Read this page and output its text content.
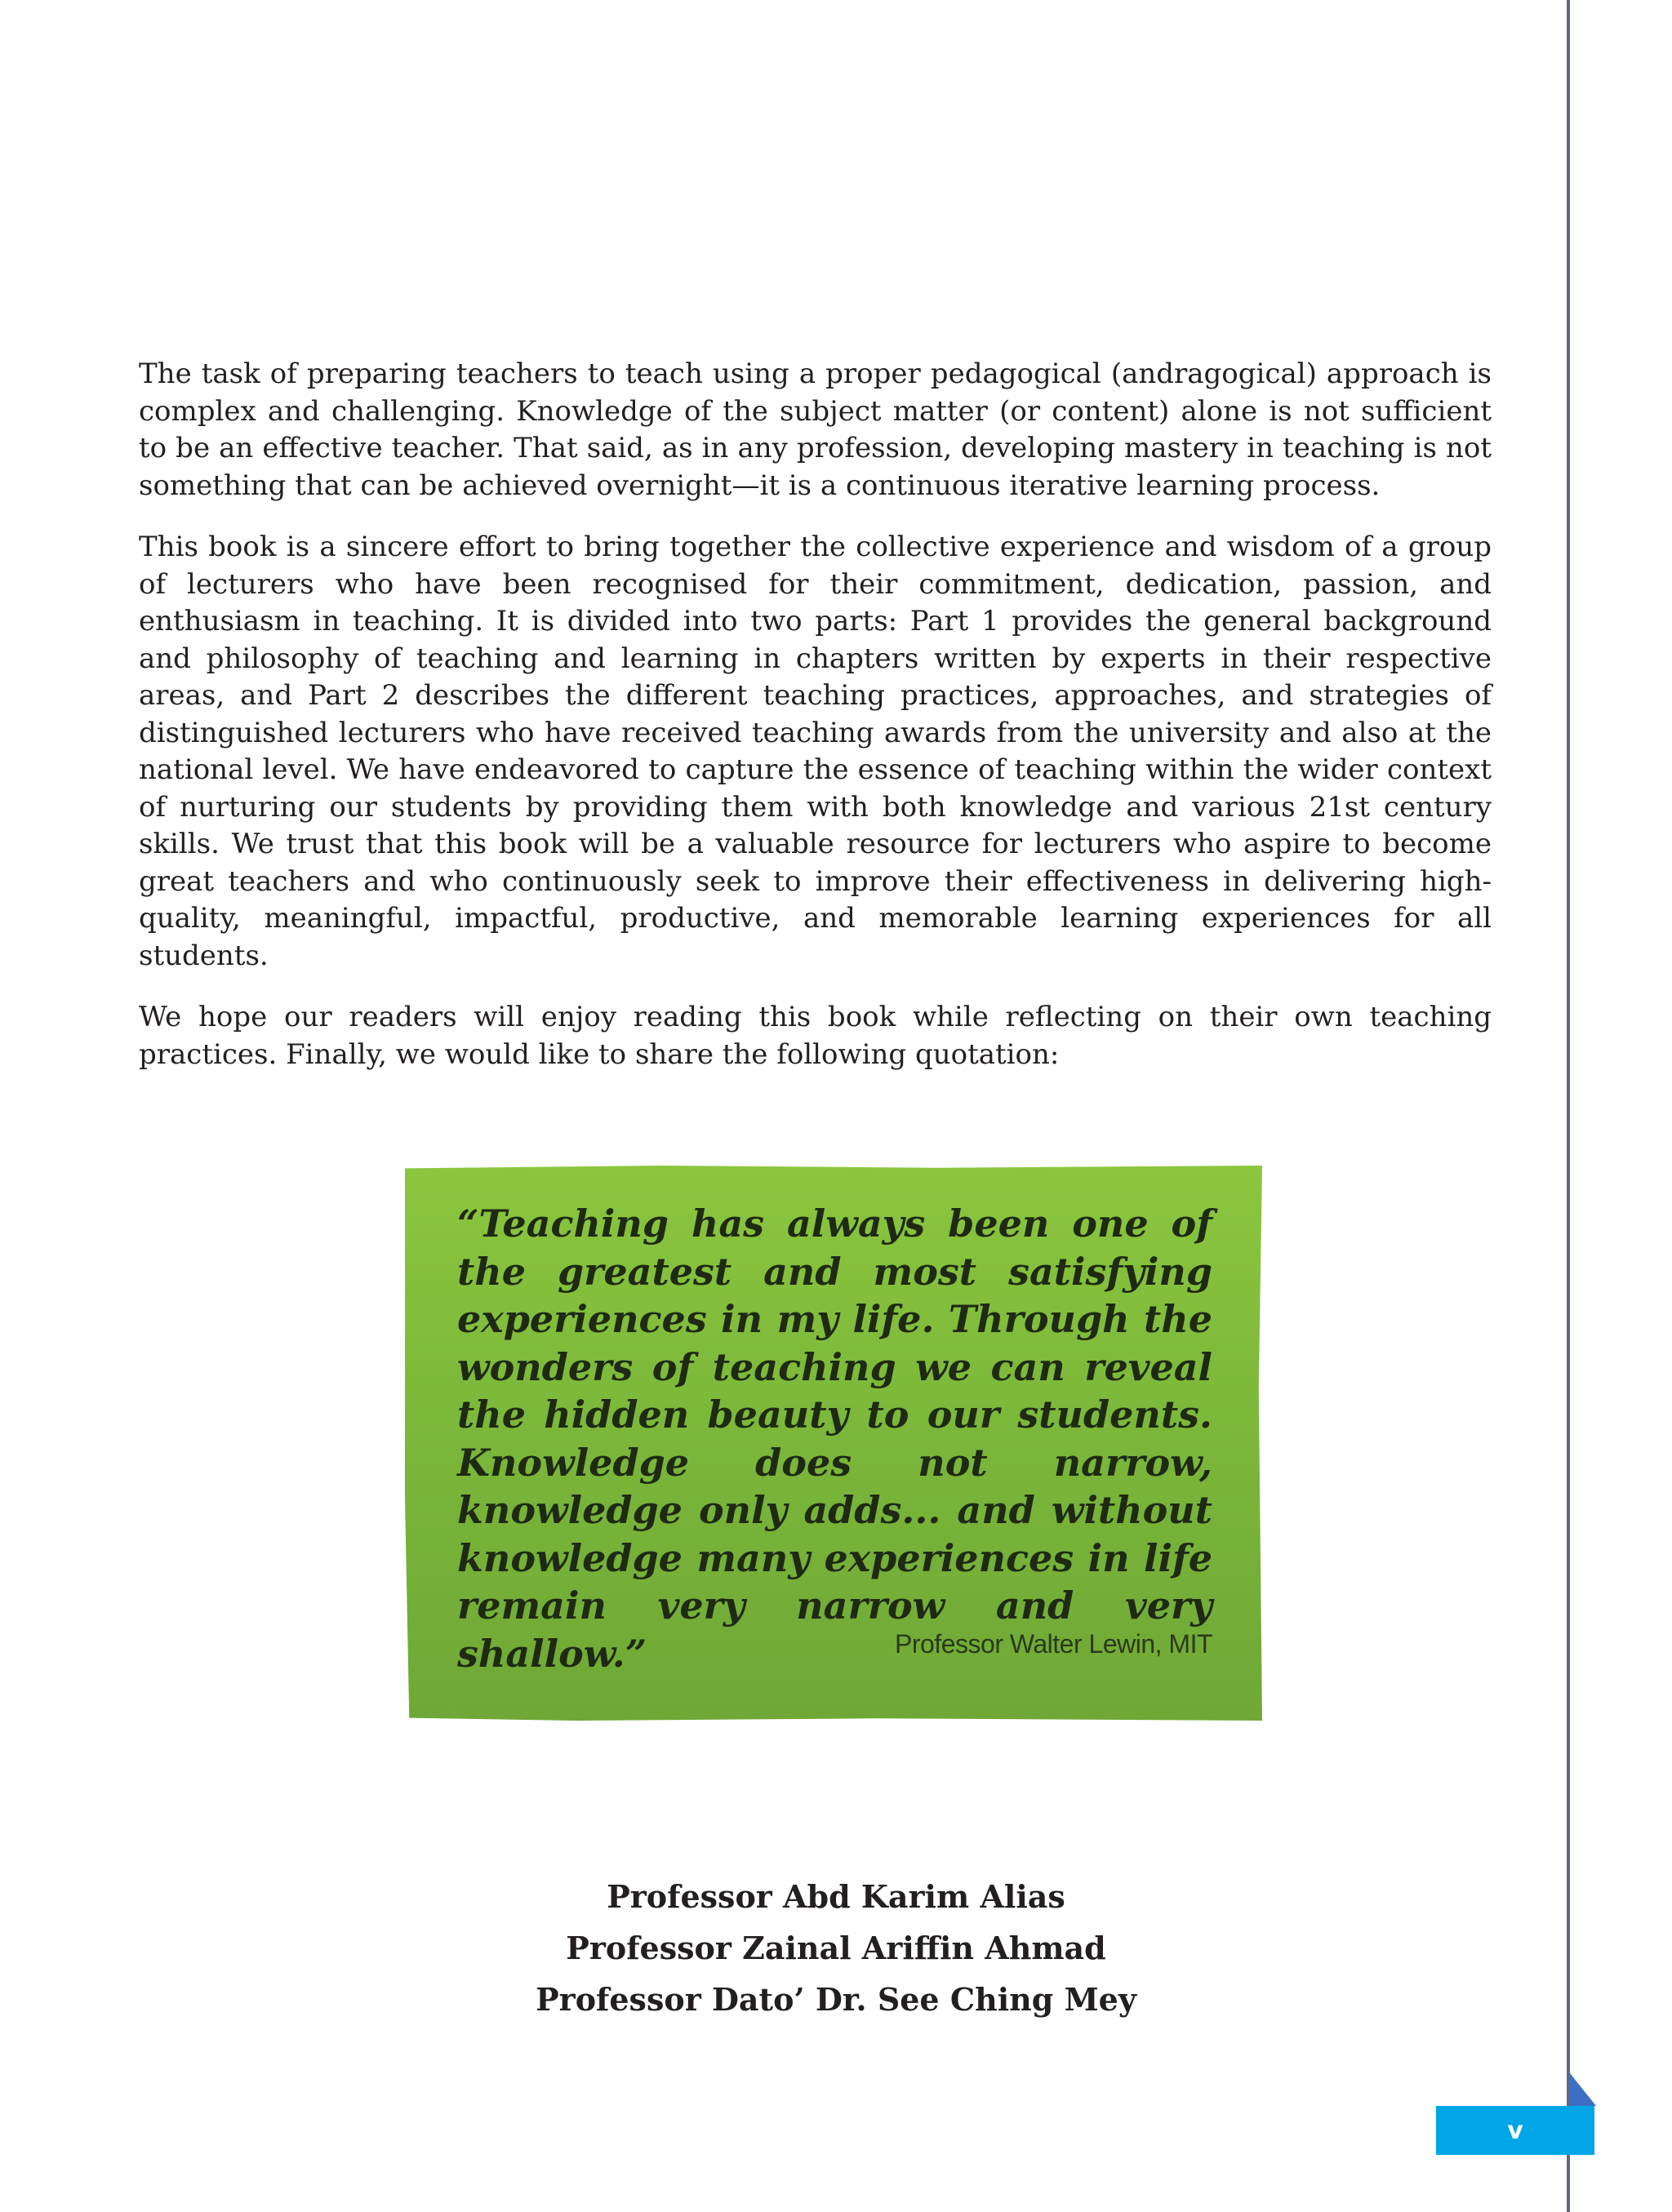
The task of preparing teachers to teach using a proper pedagogical (andragogical) approach is complex and challenging. Knowledge of the subject matter (or content) alone is not sufficient to be an effective teacher. That said, as in any profession, developing mastery in teaching is not something that can be achieved overnight—it is a continuous iterative learning process.

This book is a sincere effort to bring together the collective experience and wisdom of a group of lecturers who have been recognised for their commitment, dedication, passion, and enthusiasm in teaching. It is divided into two parts: Part 1 provides the general background and philosophy of teaching and learning in chapters written by experts in their respective areas, and Part 2 describes the different teaching practices, approaches, and strategies of distinguished lecturers who have received teaching awards from the university and also at the national level. We have endeavored to capture the essence of teaching within the wider context of nurturing our students by providing them with both knowledge and various 21st century skills. We trust that this book will be a valuable resource for lecturers who aspire to become great teachers and who continuously seek to improve their effectiveness in delivering high-quality, meaningful, impactful, productive, and memorable learning experiences for all students.

We hope our readers will enjoy reading this book while reflecting on their own teaching practices. Finally, we would like to share the following quotation:

“Teaching has always been one of the greatest and most satisfying experiences in my life. Through the wonders of teaching we can reveal the hidden beauty to our students. Knowledge does not narrow, knowledge only adds... and without knowledge many experiences in life remain very narrow and very shallow.”	Professor Walter Lewin, MIT
Professor Abd Karim Alias
Professor Zainal Ariffin Ahmad
Professor Dato’ Dr. See Ching Mey
v
